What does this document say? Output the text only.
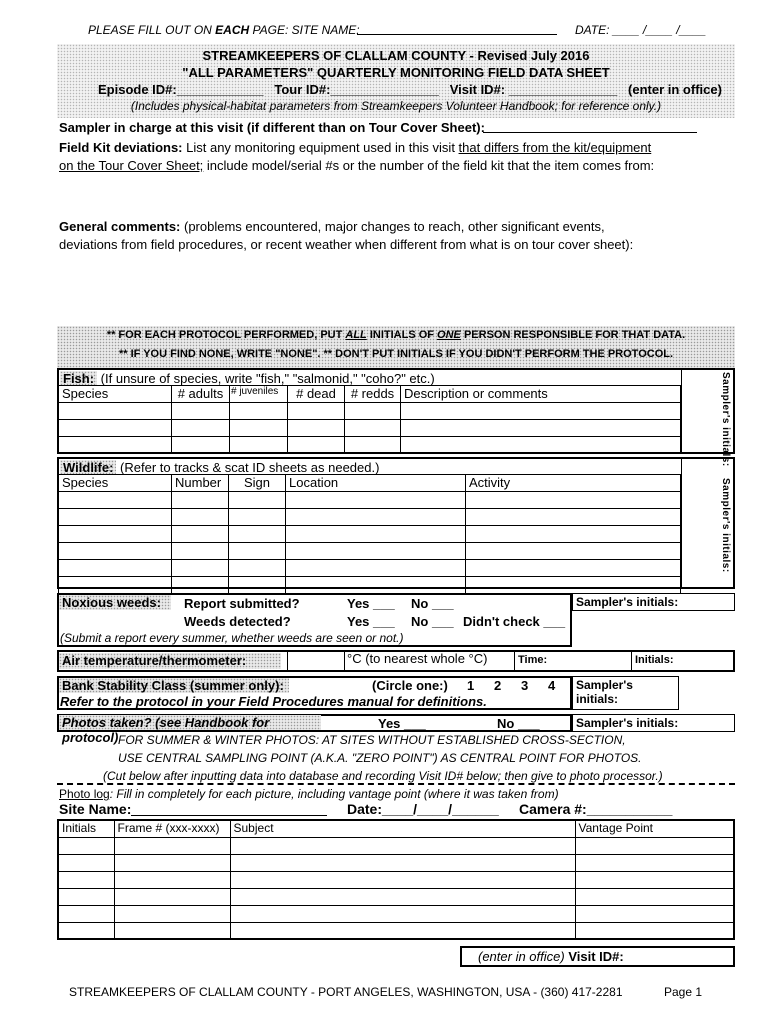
PLEASE FILL OUT ON EACH PAGE: SITE NAME:	DATE: ____ /____ /____
STREAMKEEPERS OF CLALLAM COUNTY - Revised July 2016
"ALL PARAMETERS" QUARTERLY MONITORING FIELD DATA SHEET
Episode ID#:____________ Tour ID#:_______________ Visit ID#: _______________ (enter in office)
(Includes physical-habitat parameters from Streamkeepers Volunteer Handbook; for reference only.)
Sampler in charge at this visit (if different than on Tour Cover Sheet):
Field Kit deviations: List any monitoring equipment used in this visit that differs from the kit/equipment
on the Tour Cover Sheet; include model/serial #s or the number of the field kit that the item comes from:
General comments: (problems encountered, major changes to reach, other significant events,
deviations from field procedures, or recent weather when different from what is on tour cover sheet):
** FOR EACH PROTOCOL PERFORMED, PUT ALL INITIALS OF ONE PERSON RESPONSIBLE FOR THAT DATA.
** IF YOU FIND NONE, WRITE "NONE". ** DON'T PUT INITIALS IF YOU DIDN'T PERFORM THE PROTOCOL.
Fish: (If unsure of species, write "fish," "salmonid," "coho?" etc.)
Species	# adults	# juveniles	# dead	# redds	Description or comments

						Sampler's initials:
Wildlife: (Refer to tracks & scat ID sheets as needed.)
Species	Number	Sign	Location	Activity

					Sampler's initials:
Noxious weeds:	Report submitted?	Yes ___ No ___
Weeds detected?	Yes ___ No ___ Didn't check ___
(Submit a report every summer, whether weeds are seen or not.)
Sampler's initials:
Air temperature/thermometer:	°C (to nearest whole °C)	Time:	Initials:
Bank Stability Class (summer only):	(Circle one:) 1 2 3 4
Refer to the protocol in your Field Procedures manual for definitions.
Sampler's initials:
Photos taken? (see Handbook for protocol)
Yes ___	No ___	Sampler's initials:
FOR SUMMER & WINTER PHOTOS: AT SITES WITHOUT ESTABLISHED CROSS-SECTION,
USE CENTRAL SAMPLING POINT (A.K.A. "ZERO POINT") AS CENTRAL POINT FOR PHOTOS.
(Cut below after inputting data into database and recording Visit ID# below; then give to photo processor.)
Photo log: Fill in completely for each picture, including vantage point (where it was taken from)
Site Name:	Date:____/____/______ Camera #:___________
Initials	Frame # (xxx-xxxx)	Subject	Vantage Point

(enter in office) Visit ID#:
STREAMKEEPERS OF CLALLAM COUNTY - PORT ANGELES, WASHINGTON, USA - (360) 417-2281	Page 1
